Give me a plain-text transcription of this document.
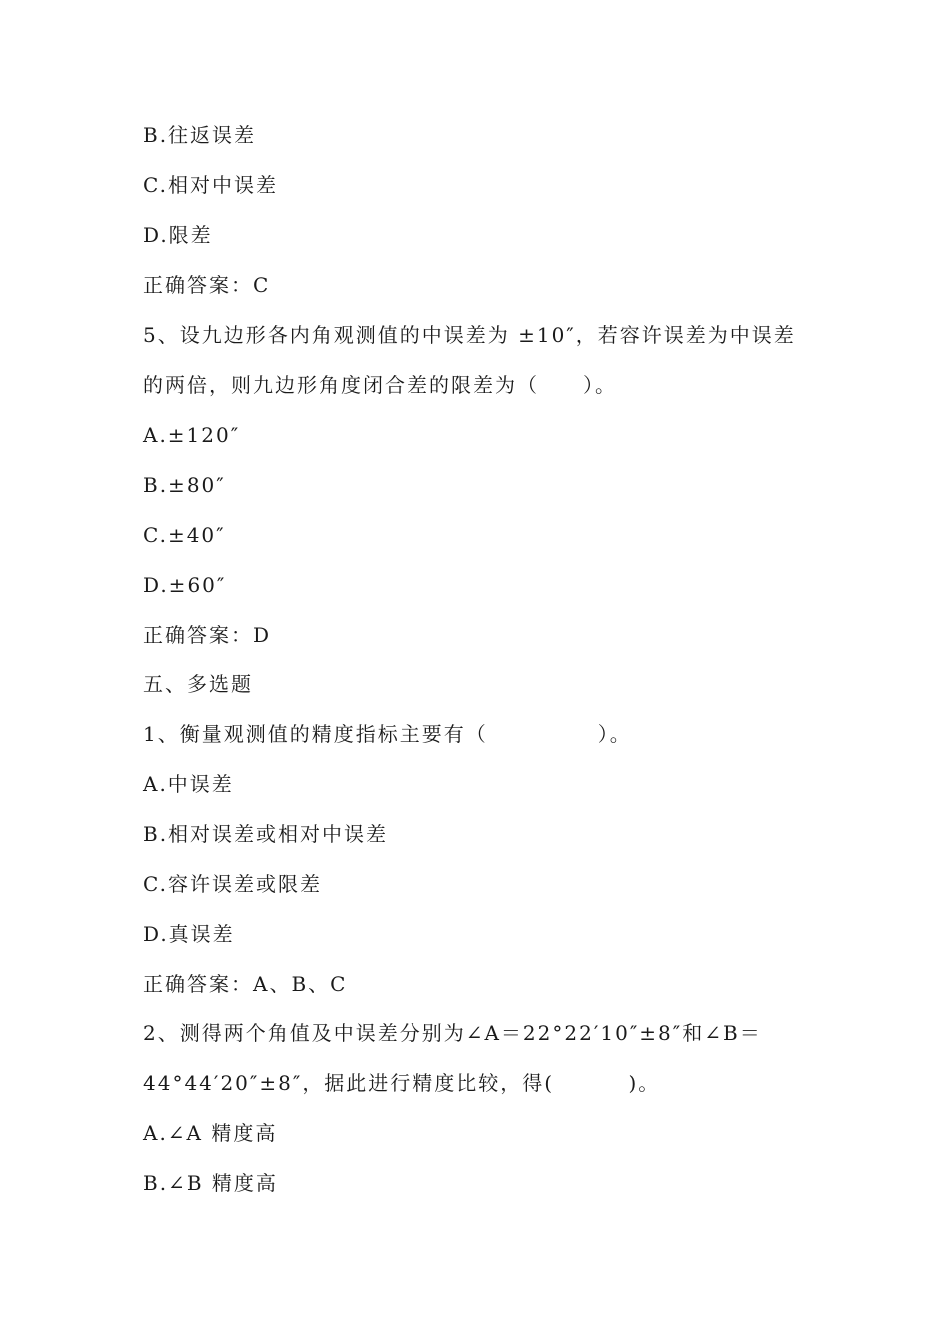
B.往返误差
C.相对中误差
D.限差
正确答案：C
5、设九边形各内角观测值的中误差为 ±10″，若容许误差为中误差
的两倍，则九边形角度闭合差的限差为（　　）。
A.±120″
B.±80″
C.±40″
D.±60″
正确答案：D
五、多选题
1、衡量观测值的精度指标主要有（　　　　　）。
A.中误差
B.相对误差或相对中误差
C.容许误差或限差
D.真误差
正确答案：A、B、C
2、测得两个角值及中误差分别为∠A＝22°22′10″±8″和∠B＝
44°44′20″±8″，据此进行精度比较，得(　　　 )。
A.∠A 精度高
B.∠B 精度高
